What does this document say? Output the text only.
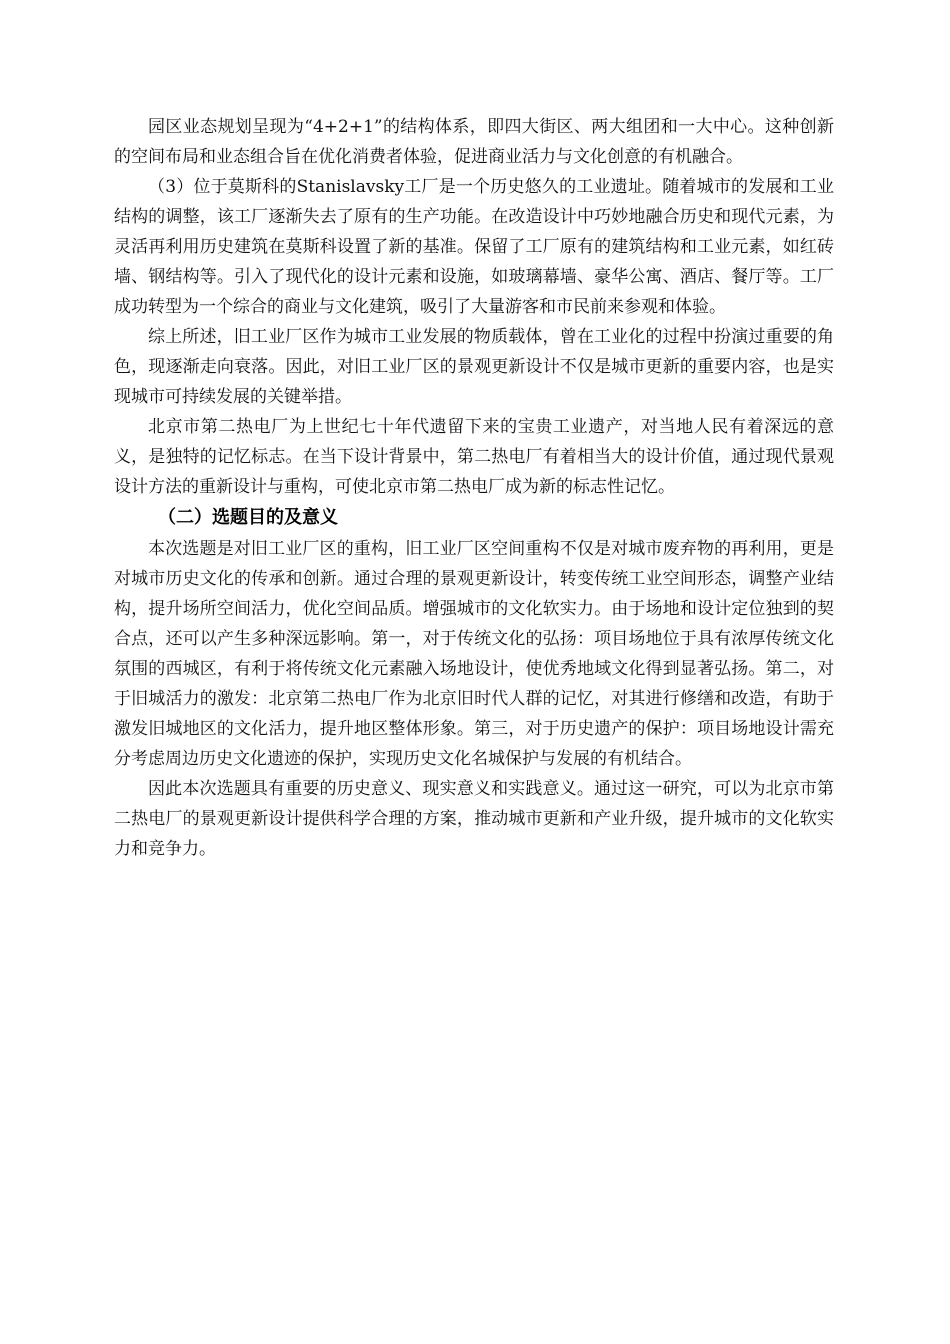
园区业态规划呈现为“4+2+1”的结构体系，即四大街区、两大组团和一大中心。这种创新的空间布局和业态组合旨在优化消费者体验，促进商业活力与文化创意的有机融合。

（3）位于莫斯科的Stanislavsky工厂是一个历史悠久的工业遗址。随着城市的发展和工业结构的调整，该工厂逐渐失去了原有的生产功能。在改造设计中巧妙地融合历史和现代元素，为灵活再利用历史建筑在莫斯科设置了新的基准。保留了工厂原有的建筑结构和工业元素，如红砖墙、钢结构等。引入了现代化的设计元素和设施，如玻璃幕墙、豪华公寓、酒店、餐厅等。工厂成功转型为一个综合的商业与文化建筑，吸引了大量游客和市民前来参观和体验。

综上所述，旧工业厂区作为城市工业发展的物质载体，曾在工业化的过程中扮演过重要的角色，现逐渐走向衰落。因此，对旧工业厂区的景观更新设计不仅是城市更新的重要内容，也是实现城市可持续发展的关键举措。

北京市第二热电厂为上世纪七十年代遗留下来的宝贵工业遗产，对当地人民有着深远的意义，是独特的记忆标志。在当下设计背景中，第二热电厂有着相当大的设计价值，通过现代景观设计方法的重新设计与重构，可使北京市第二热电厂成为新的标志性记忆。

（二）选题目的及意义

本次选题是对旧工业厂区的重构，旧工业厂区空间重构不仅是对城市废弃物的再利用，更是对城市历史文化的传承和创新。通过合理的景观更新设计，转变传统工业空间形态，调整产业结构，提升场所空间活力，优化空间品质。增强城市的文化软实力。由于场地和设计定位独到的契合点，还可以产生多种深远影响。第一，对于传统文化的弘扬：项目场地位于具有浓厚传统文化氛围的西城区，有利于将传统文化元素融入场地设计，使优秀地域文化得到显著弘扬。第二，对于旧城活力的激发：北京第二热电厂作为北京旧时代人群的记忆，对其进行修缮和改造，有助于激发旧城地区的文化活力，提升地区整体形象。第三，对于历史遗产的保护：项目场地设计需充分考虑周边历史文化遗迹的保护，实现历史文化名城保护与发展的有机结合。

因此本次选题具有重要的历史意义、现实意义和实践意义。通过这一研究，可以为北京市第二热电厂的景观更新设计提供科学合理的方案，推动城市更新和产业升级，提升城市的文化软实力和竞争力。
